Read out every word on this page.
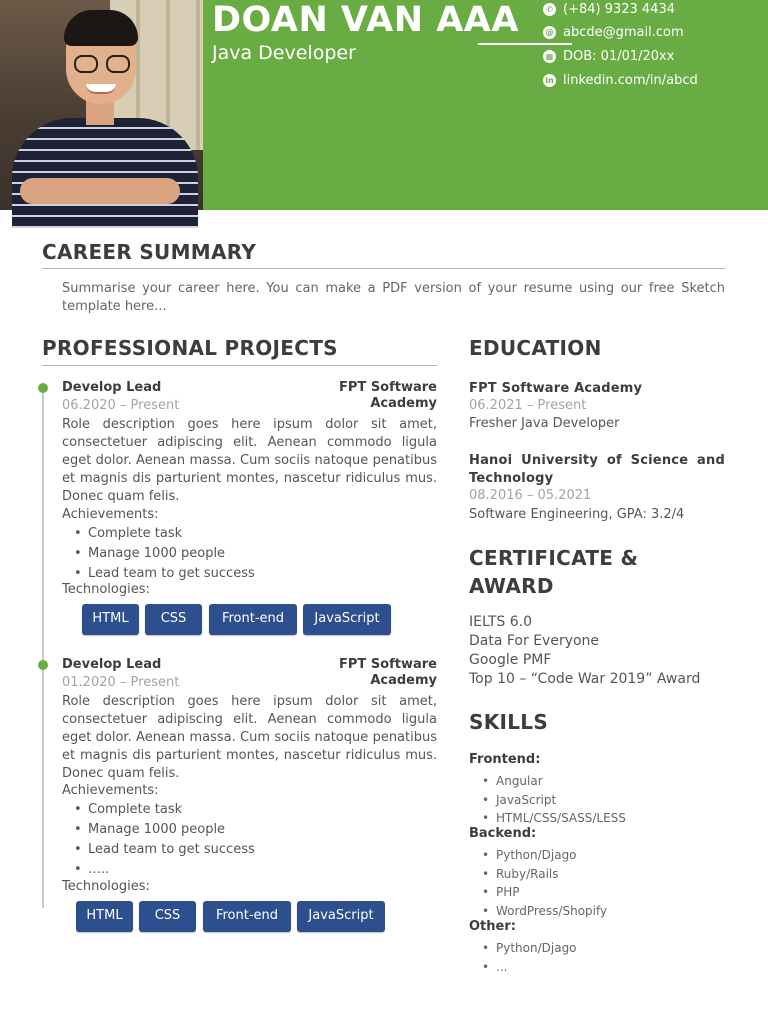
DOAN VAN AAA
Java Developer
✆ (+84) 9323 4434
@ abcde@gmail.com
▦ DOB: 01/01/20xx
in linkedin.com/in/abcd
CAREER SUMMARY
Summarise your career here. You can make a PDF version of your resume using our free Sketch template here...
PROFESSIONAL PROJECTS
Develop Lead	FPT Software Academy
06.2020 – Present
Role description goes here ipsum dolor sit amet, consectetuer adipiscing elit. Aenean commodo ligula eget dolor. Aenean massa. Cum sociis natoque penatibus et magnis dis parturient montes, nascetur ridiculus mus. Donec quam felis.
Achievements:
• Complete task
• Manage 1000 people
• Lead team to get success
Technologies:
HTML	CSS	Front-end	JavaScript
Develop Lead	FPT Software Academy
01.2020 – Present
Role description goes here ipsum dolor sit amet, consectetuer adipiscing elit. Aenean commodo ligula eget dolor. Aenean massa. Cum sociis natoque penatibus et magnis dis parturient montes, nascetur ridiculus mus. Donec quam felis.
Achievements:
• Complete task
• Manage 1000 people
• Lead team to get success
• …..
Technologies:
HTML	CSS	Front-end	JavaScript
EDUCATION
FPT Software Academy
06.2021 – Present
Fresher Java Developer
Hanoi University of Science and Technology
08.2016 – 05.2021
Software Engineering, GPA: 3.2/4
CERTIFICATE & AWARD
IELTS 6.0
Data For Everyone
Google PMF
Top 10 – “Code War 2019” Award
SKILLS
Frontend:
• Angular
• JavaScript
• HTML/CSS/SASS/LESS
Backend:
• Python/Djago
• Ruby/Rails
• PHP
• WordPress/Shopify
Other:
• Python/Djago
• ...
